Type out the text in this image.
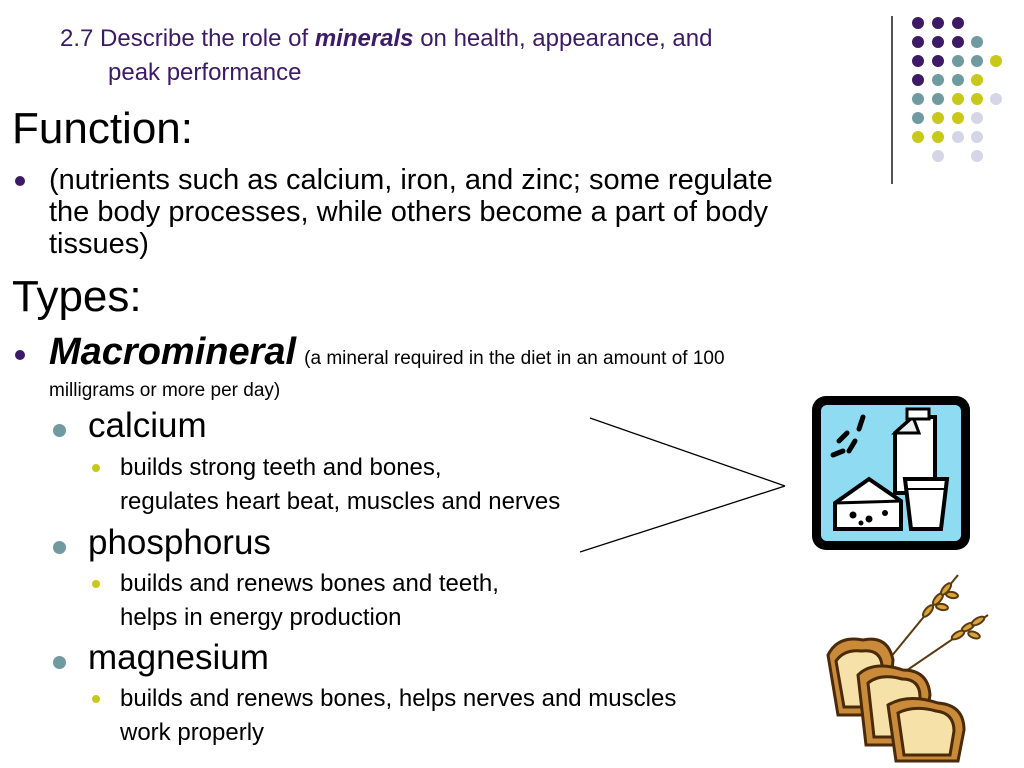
2.7 Describe the role of minerals on health, appearance, and
peak performance
Function:
(nutrients such as calcium, iron, and zinc; some regulate
the body processes, while others become a part of body
tissues)
Types:
Macromineral (a mineral required in the diet in an amount of 100
milligrams or more per day)
calcium
builds strong teeth and bones,
regulates heart beat, muscles and nerves
phosphorus
builds and renews bones and teeth,
helps in energy production
magnesium
builds and renews bones, helps nerves and muscles
work properly
